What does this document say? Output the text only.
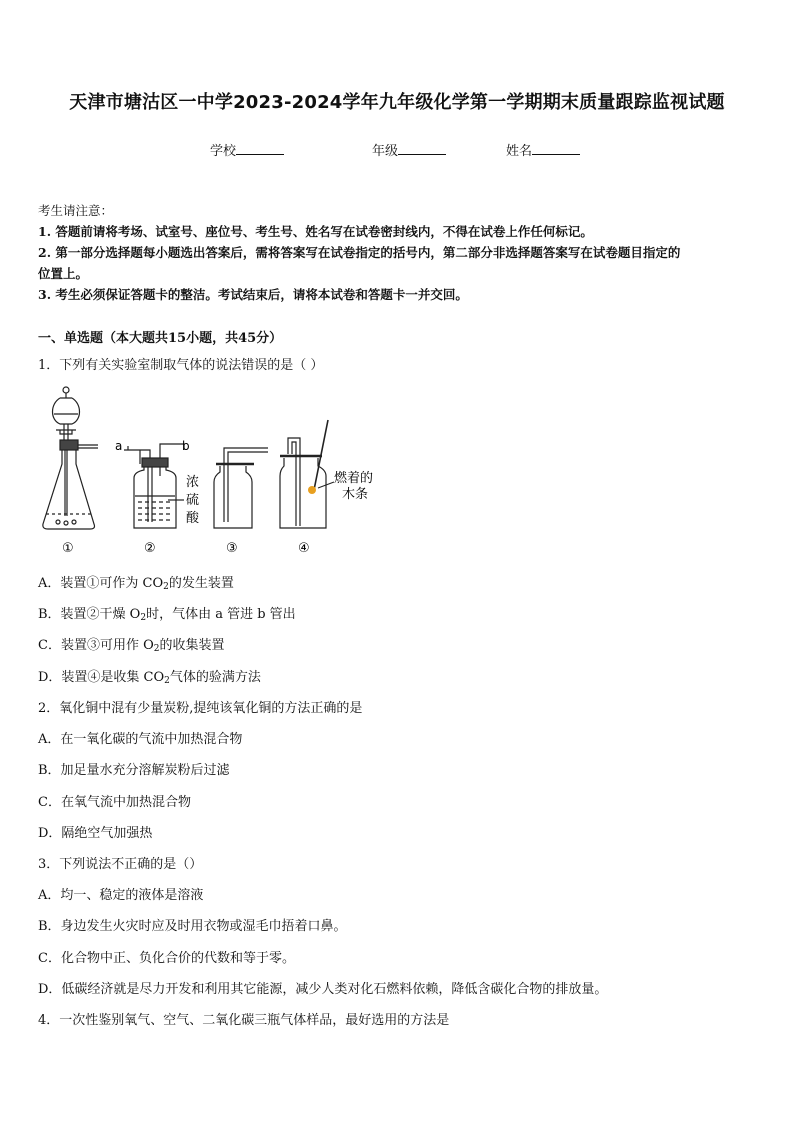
天津市塘沽区一中学2023-2024学年九年级化学第一学期期末质量跟踪监视试题
学校	年级	姓名
考生请注意：
1. 答题前请将考场、试室号、座位号、考生号、姓名写在试卷密封线内，不得在试卷上作任何标记。
2. 第一部分选择题每小题选出答案后，需将答案写在试卷指定的括号内，第二部分非选择题答案写在试卷题目指定的
位置上。
3. 考生必须保证答题卡的整洁。考试结束后，请将本试卷和答题卡一并交回。
一、单选题（本大题共15小题，共45分）
1．下列有关实验室制取气体的说法错误的是（ ）
a	b
浓
硫
酸
燃着的
木条
①	②	③	④
A．装置①可作为 $CO_2$的发生装置
B．装置②干燥 $O_2$时，气体由 a 管进 b 管出
C．装置③可用作 $O_2$的收集装置
D．装置④是收集 $CO_2$气体的验满方法
2．氧化铜中混有少量炭粉,提纯该氧化铜的方法正确的是
A．在一氧化碳的气流中加热混合物
B．加足量水充分溶解炭粉后过滤
C．在氧气流中加热混合物
D．隔绝空气加强热
3．下列说法不正确的是（）
A．均一、稳定的液体是溶液
B．身边发生火灾时应及时用衣物或湿毛巾捂着口鼻。
C．化合物中正、负化合价的代数和等于零。
D．低碳经济就是尽力开发和利用其它能源，减少人类对化石燃料依赖，降低含碳化合物的排放量。
4．一次性鉴别氧气、空气、二氧化碳三瓶气体样品，最好选用的方法是
